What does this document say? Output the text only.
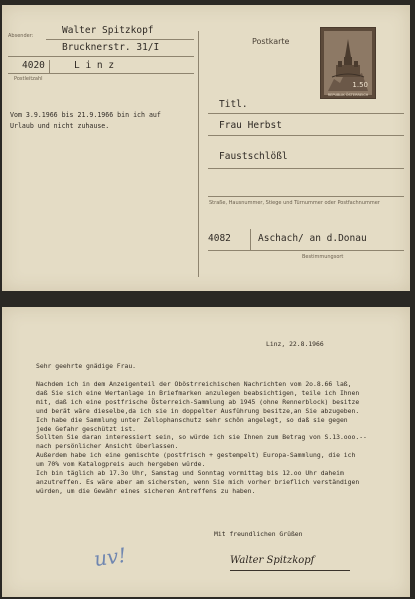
Absender:	Walter Spitzkopf
Brucknerstr. 31/I
4020	L i n z
Postleitzahl
Vom 3.9.1966 bis 21.9.1966 bin ich auf
Urlaub und nicht zuhause.
Postkarte
1.50
REPUBLIK ÖSTERREICH
Titl.
Frau Herbst
Faustschlößl
Straße, Hausnummer, Stiege und Türnummer oder Postfachnummer
4082	Aschach/ an d.Donau
Bestimmungsort
Linz, 22.8.1966
Sehr geehrte gnädige Frau.

Nachdem ich in dem Anzeigenteil der Oböstrreichischen Nachrichten vom 2o.8.66 laß,

daß Sie sich eine Wertanlage in Briefmarken anzulegen beabsichtigen, teile ich Ihnen

mit, daß ich eine postfrische Österreich-Sammlung ab 1945 (ohne Rennerblock) besitze

und berät wäre dieselbe,da ich sie in doppelter Ausführung besitze,an Sie abzugeben.

Ich habe die Sammlung unter Zellophanschutz sehr schön angelegt, so daß sie gegen

jede Gefahr geschützt ist.

Sollten Sie daran interessiert sein, so würde ich sie Ihnen zum Betrag von S.13.ooo.--

nach persönlicher Ansicht überlassen.

Außerdem habe ich eine gemischte (postfrisch + gestempelt) Europa-Sammlung, die ich

um 70% vom Katalogpreis auch hergeben würde.

Ich bin täglich ab 17.3o Uhr, Samstag und Sonntag vormittag bis 12.oo Uhr daheim

anzutreffen. Es wäre aber am sichersten, wenn Sie mich vorher brieflich verständigen

würden, um die Gewähr eines sicheren Antreffens zu haben.

Mit freundlichen Grüßen
Walter Spitzkopf
uv!
